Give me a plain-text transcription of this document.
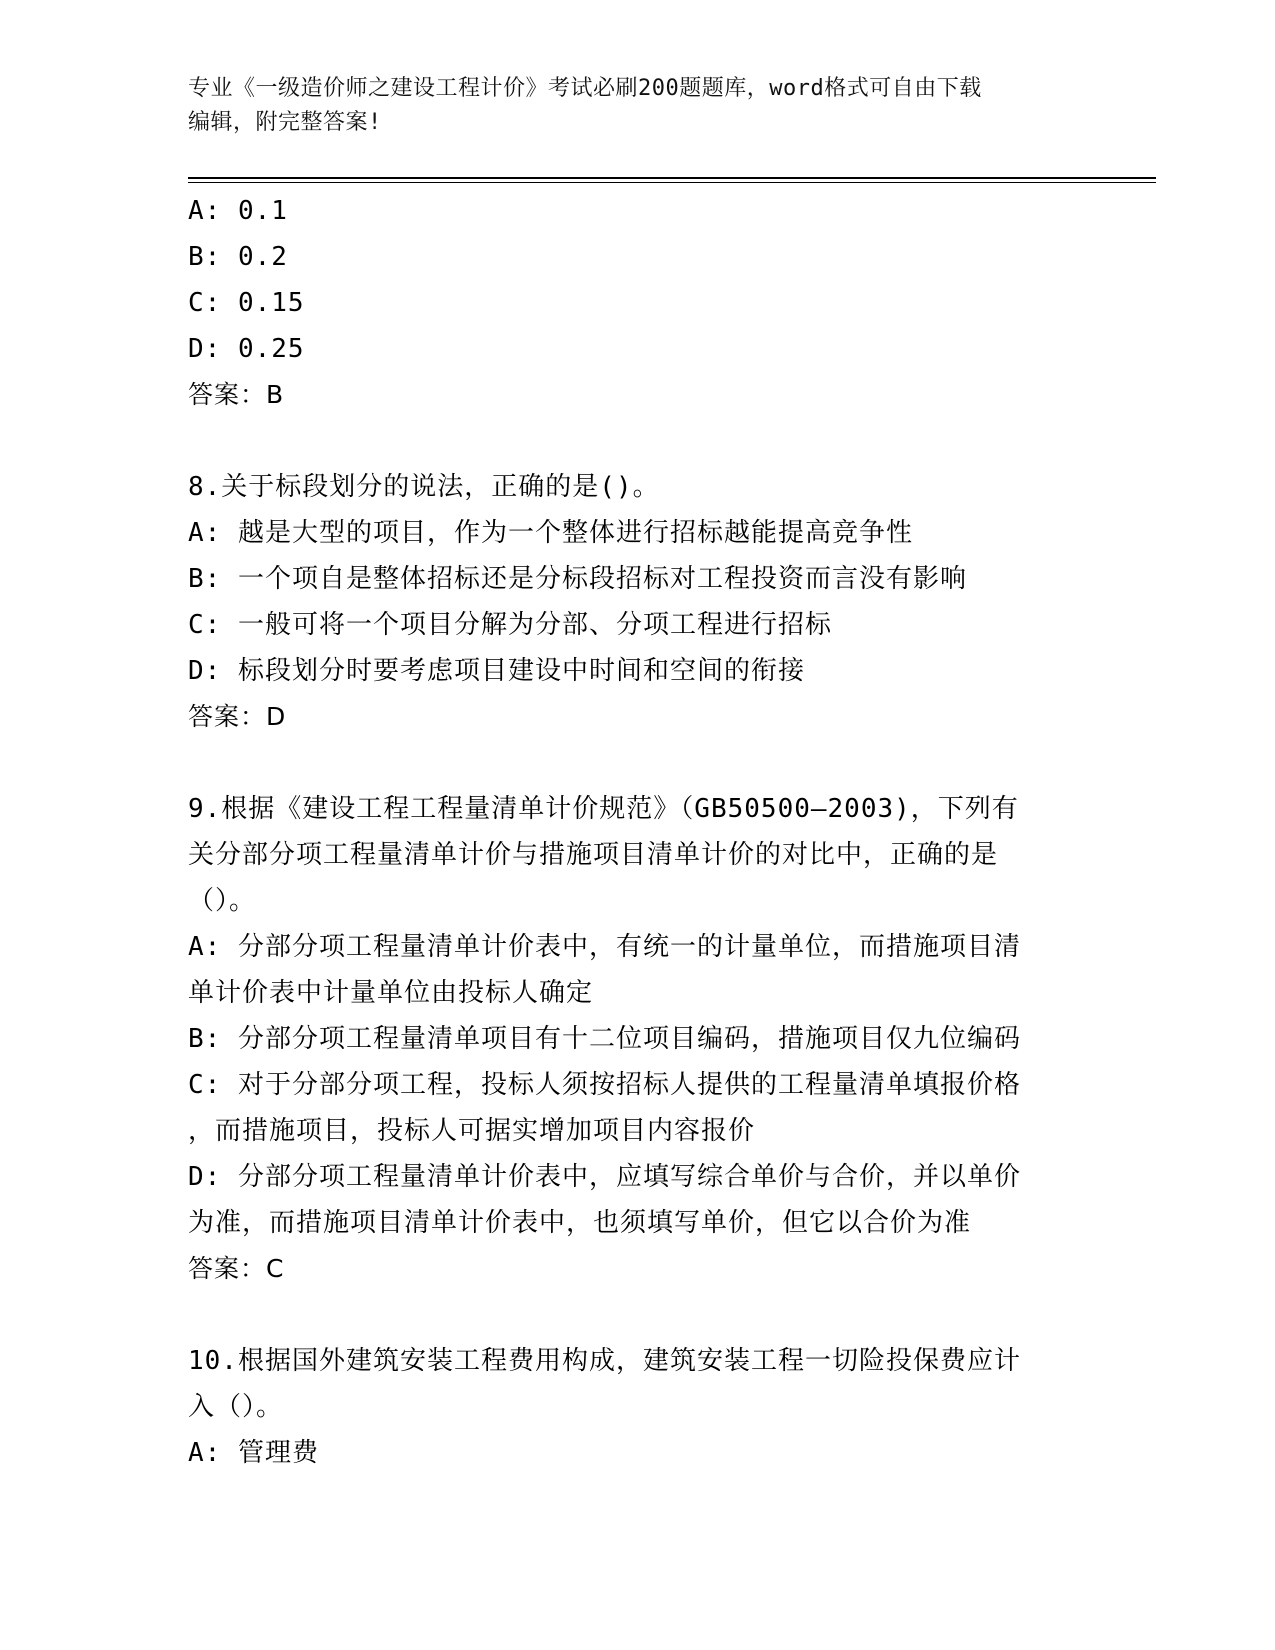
专业《一级造价师之建设工程计价》考试必刷200题题库，word格式可自由下载
编辑，附完整答案!
A: 0.1
B: 0.2
C: 0.15
D: 0.25
答案：B
8.关于标段划分的说法，正确的是()。
A: 越是大型的项目，作为一个整体进行招标越能提高竞争性
B: 一个项自是整体招标还是分标段招标对工程投资而言没有影响
C: 一般可将一个项目分解为分部、分项工程进行招标
D: 标段划分时要考虑项目建设中时间和空间的衔接
答案：D
9.根据《建设工程工程量清单计价规范》（GB50500—2003)，下列有
关分部分项工程量清单计价与措施项目清单计价的对比中，正确的是
（）。
A: 分部分项工程量清单计价表中，有统一的计量单位，而措施项目清
单计价表中计量单位由投标人确定
B: 分部分项工程量清单项目有十二位项目编码，措施项目仅九位编码
C: 对于分部分项工程，投标人须按招标人提供的工程量清单填报价格
，而措施项目，投标人可据实增加项目内容报价
D: 分部分项工程量清单计价表中，应填写综合单价与合价，并以单价
为准，而措施项目清单计价表中，也须填写单价，但它以合价为准
答案：C
10.根据国外建筑安装工程费用构成，建筑安装工程一切险投保费应计
入（）。
A: 管理费
